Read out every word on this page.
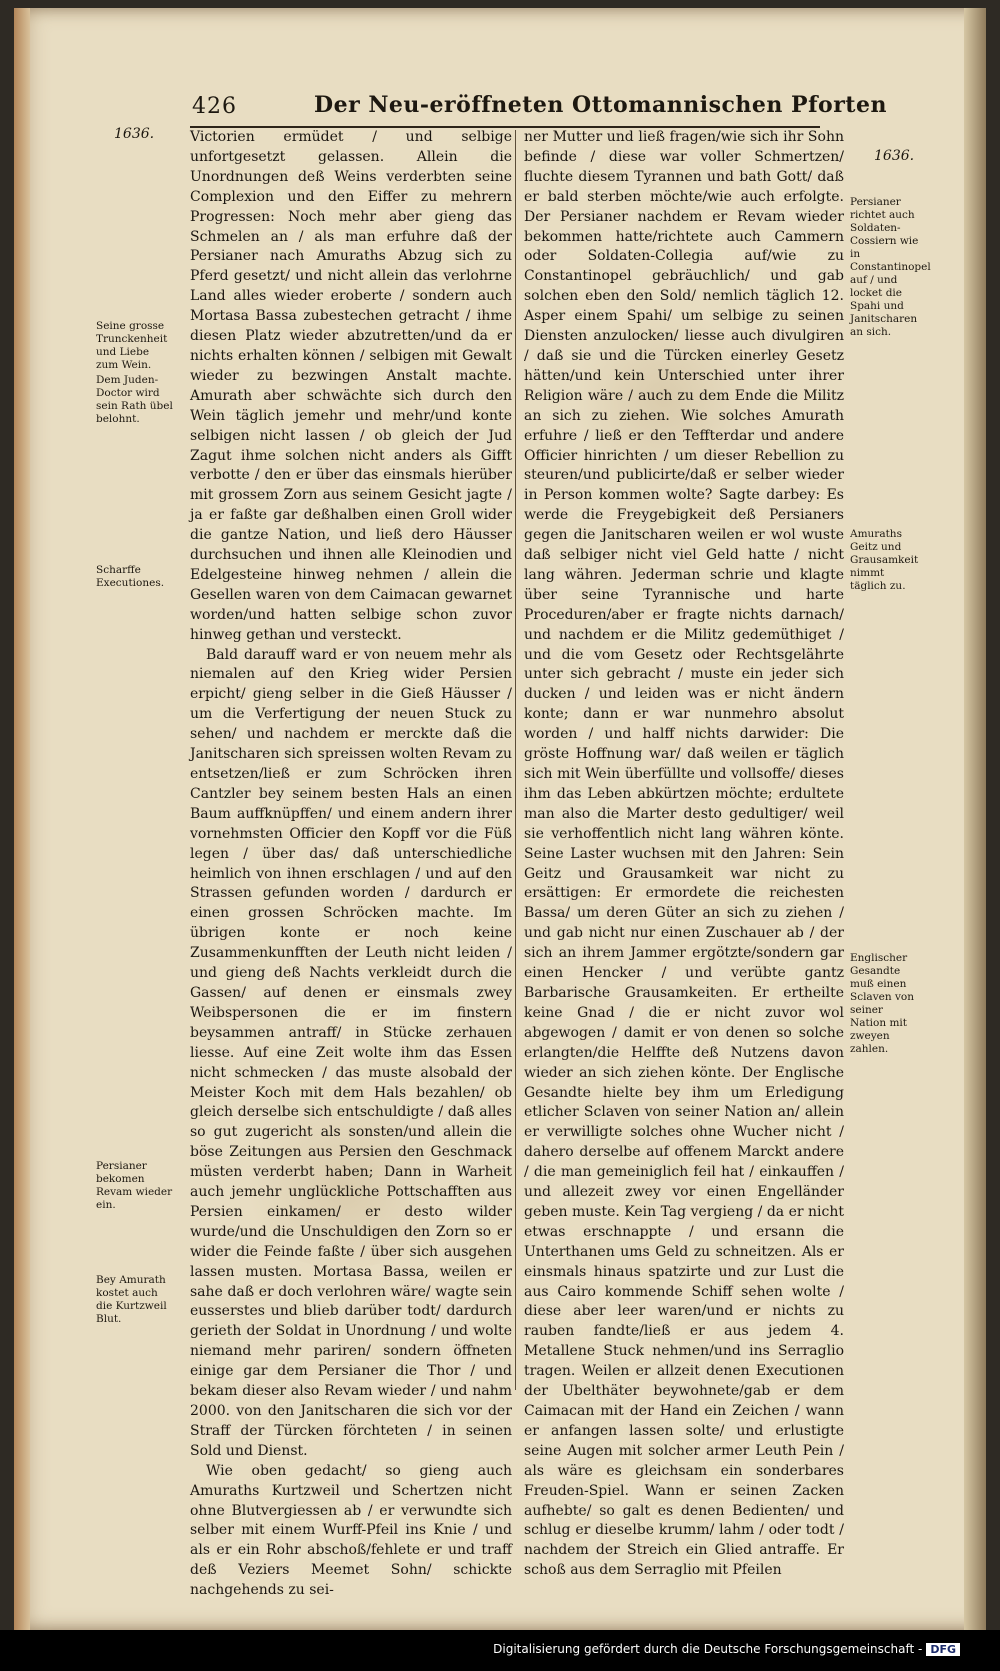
426	Der Neu-eröffneten Ottomannischen Pforten
1636.
1636.

Victorien ermüdet / und selbige unfortgesetzt gelassen. Allein die Unordnungen deß Weins verderbten seine Complexion und den Eiffer zu mehrern Progressen: Noch mehr aber gieng das Schmelen an / als man erfuhre daß der Persianer nach Amuraths Abzug sich zu Pferd gesetzt/ und nicht allein das verlohrne Land alles wieder eroberte / sondern auch Mortasa Bassa zubestechen getracht / ihme diesen Platz wieder abzutretten/und da er nichts erhalten können / selbigen mit Gewalt wieder zu bezwingen Anstalt machte. Amurath aber schwächte sich durch den Wein täglich jemehr und mehr/und konte selbigen nicht lassen / ob gleich der Jud Zagut ihme solchen nicht anders als Gifft verbotte / den er über das einsmals hierüber mit grossem Zorn aus seinem Gesicht jagte / ja er faßte gar deßhalben einen Groll wider die gantze Nation, und ließ dero Häusser durchsuchen und ihnen alle Kleinodien und Edelgesteine hinweg nehmen / allein die Gesellen waren von dem Caimacan gewarnet worden/und hatten selbige schon zuvor hinweg gethan und versteckt.

Bald darauff ward er von neuem mehr als niemalen auf den Krieg wider Persien erpicht/ gieng selber in die Gieß Häusser / um die Verfertigung der neuen Stuck zu sehen/ und nachdem er merckte daß die Janitscharen sich spreissen wolten Revam zu entsetzen/ließ er zum Schröcken ihren Cantzler bey seinem besten Hals an einen Baum auffknüpffen/ und einem andern ihrer vornehmsten Officier den Kopff vor die Füß legen / über das/ daß unterschiedliche heimlich von ihnen erschlagen / und auf den Strassen gefunden worden / dardurch er einen grossen Schröcken machte. Im übrigen konte er noch keine Zusammenkunfften der Leuth nicht leiden / und gieng deß Nachts verkleidt durch die Gassen/ auf denen er einsmals zwey Weibspersonen die er im finstern beysammen antraff/ in Stücke zerhauen liesse. Auf eine Zeit wolte ihm das Essen nicht schmecken / das muste alsobald der Meister Koch mit dem Hals bezahlen/ ob gleich derselbe sich entschuldigte / daß alles so gut zugericht als sonsten/und allein die böse Zeitungen aus Persien den Geschmack müsten verderbt haben; Dann in Warheit auch jemehr unglückliche Pottschafften aus Persien einkamen/ er desto wilder wurde/und die Unschuldigen den Zorn so er wider die Feinde faßte / über sich ausgehen lassen musten. Mortasa Bassa, weilen er sahe daß er doch verlohren wäre/ wagte sein eusserstes und blieb darüber todt/ dardurch gerieth der Soldat in Unordnung / und wolte niemand mehr pariren/ sondern öffneten einige gar dem Persianer die Thor / und bekam dieser also Revam wieder / und nahm 2000. von den Janitscharen die sich vor der Straff der Türcken förchteten / in seinen Sold und Dienst.

Wie oben gedacht/ so gieng auch Amuraths Kurtzweil und Schertzen nicht ohne Blutvergiessen ab / er verwundte sich selber mit einem Wurff-Pfeil ins Knie / und als er ein Rohr abschoß/fehlete er und traff deß Veziers Meemet Sohn/ schickte nachgehends zu sei-

ner Mutter und ließ fragen/wie sich ihr Sohn befinde / diese war voller Schmertzen/ fluchte diesem Tyrannen und bath Gott/ daß er bald sterben möchte/wie auch erfolgte. Der Persianer nachdem er Revam wieder bekommen hatte/richtete auch Cammern oder Soldaten-Collegia auf/wie zu Constantinopel gebräuchlich/ und gab solchen eben den Sold/ nemlich täglich 12. Asper einem Spahi/ um selbige zu seinen Diensten anzulocken/ liesse auch divulgiren / daß sie und die Türcken einerley Gesetz hätten/und kein Unterschied unter ihrer Religion wäre / auch zu dem Ende die Militz an sich zu ziehen. Wie solches Amurath erfuhre / ließ er den Teffterdar und andere Officier hinrichten / um dieser Rebellion zu steuren/und publicirte/daß er selber wieder in Person kommen wolte? Sagte darbey: Es werde die Freygebigkeit deß Persianers gegen die Janitscharen weilen er wol wuste daß selbiger nicht viel Geld hatte / nicht lang währen. Jederman schrie und klagte über seine Tyrannische und harte Proceduren/aber er fragte nichts darnach/ und nachdem er die Militz gedemüthiget / und die vom Gesetz oder Rechtsgelährte unter sich gebracht / muste ein jeder sich ducken / und leiden was er nicht ändern konte; dann er war nunmehro absolut worden / und halff nichts darwider: Die gröste Hoffnung war/ daß weilen er täglich sich mit Wein überfüllte und vollsoffe/ dieses ihm das Leben abkürtzen möchte; erdultete man also die Marter desto gedultiger/ weil sie verhoffentlich nicht lang währen könte. Seine Laster wuchsen mit den Jahren: Sein Geitz und Grausamkeit war nicht zu ersättigen: Er ermordete die reichesten Bassa/ um deren Güter an sich zu ziehen / und gab nicht nur einen Zuschauer ab / der sich an ihrem Jammer ergötzte/sondern gar einen Hencker / und verübte gantz Barbarische Grausamkeiten. Er ertheilte keine Gnad / die er nicht zuvor wol abgewogen / damit er von denen so solche erlangten/die Helffte deß Nutzens davon wieder an sich ziehen könte. Der Englische Gesandte hielte bey ihm um Erledigung etlicher Sclaven von seiner Nation an/ allein er verwilligte solches ohne Wucher nicht / dahero derselbe auf offenem Marckt andere / die man gemeiniglich feil hat / einkauffen / und allezeit zwey vor einen Engelländer geben muste. Kein Tag vergieng / da er nicht etwas erschnappte / und ersann die Unterthanen ums Geld zu schneitzen. Als er einsmals hinaus spatzirte und zur Lust die aus Cairo kommende Schiff sehen wolte / diese aber leer waren/und er nichts zu rauben fandte/ließ er aus jedem 4. Metallene Stuck nehmen/und ins Serraglio tragen. Weilen er allzeit denen Executionen der Ubelthäter beywohnete/gab er dem Caimacan mit der Hand ein Zeichen / wann er anfangen lassen solte/ und erlustigte seine Augen mit solcher armer Leuth Pein / als wäre es gleichsam ein sonderbares Freuden-Spiel. Wann er seinen Zacken aufhebte/ so galt es denen Bedienten/ und schlug er dieselbe krumm/ lahm / oder todt / nachdem der Streich ein Glied antraffe. Er schoß aus dem Serraglio mit Pfeilen

Seine grosse Trunckenheit und Liebe zum Wein.
Dem Juden-Doctor wird sein Rath übel belohnt.
Scharffe Executiones.
Persianer bekomen Revam wieder ein.
Bey Amurath kostet auch die Kurtzweil Blut.
Persianer richtet auch Soldaten-Cossiern wie in Constantinopel auf / und locket die Spahi und Janitscharen an sich.
Amuraths Geitz und Grausamkeit nimmt täglich zu.
Englischer Gesandte muß einen Sclaven von seiner Nation mit zweyen zahlen.
Digitalisierung gefördert durch die Deutsche Forschungsgemeinschaft - DFG
